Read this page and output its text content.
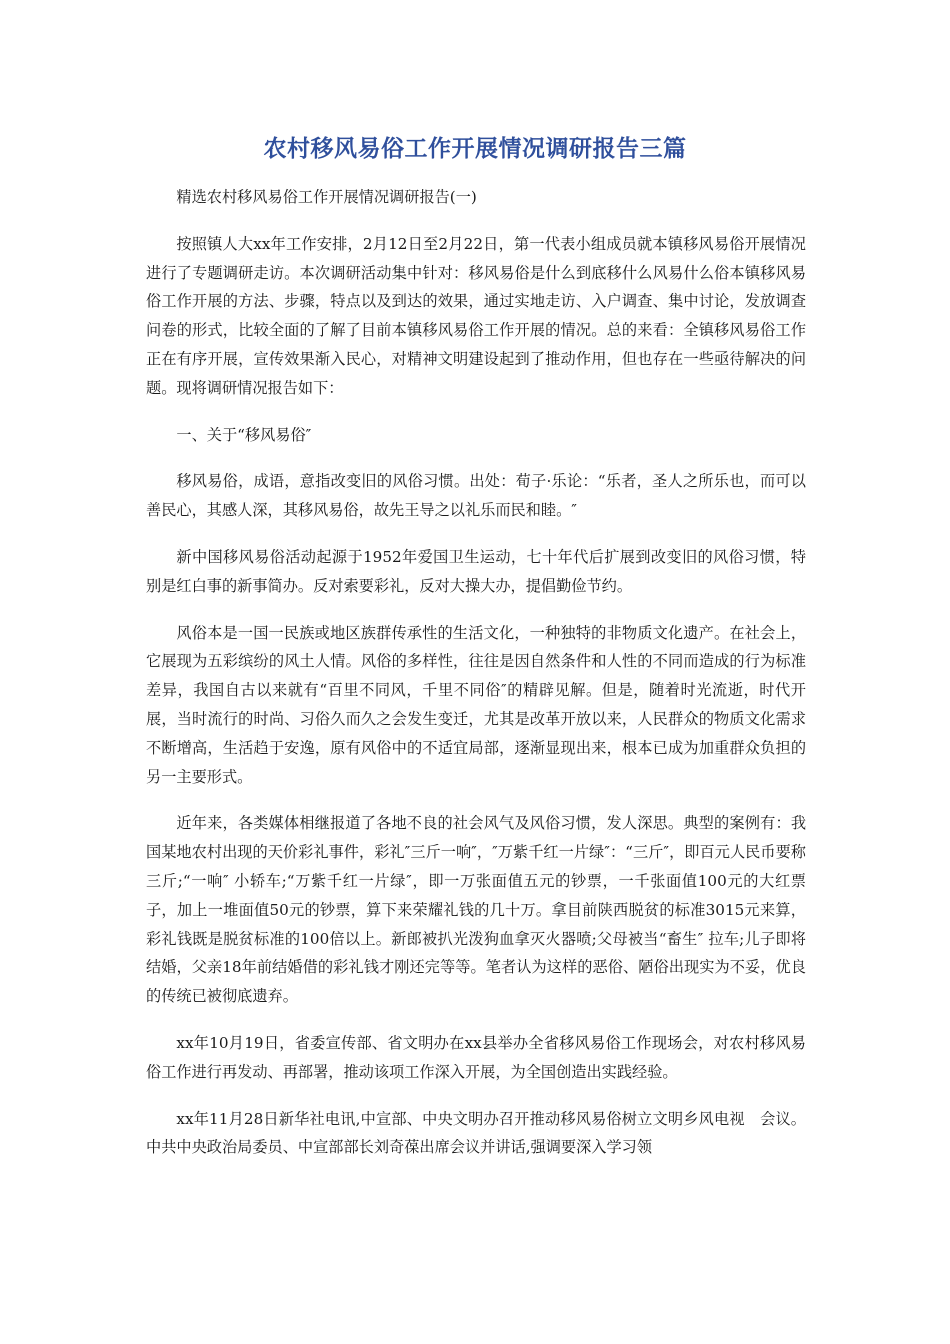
农村移风易俗工作开展情况调研报告三篇

精选农村移风易俗工作开展情况调研报告(一)

按照镇人大xx年工作安排，2月12日至2月22日，第一代表小组成员就本镇移风易俗开展情况进行了专题调研走访。本次调研活动集中针对：移风易俗是什么到底移什么风易什么俗本镇移风易俗工作开展的方法、步骤，特点以及到达的效果，通过实地走访、入户调查、集中讨论，发放调查问卷的形式，比较全面的了解了目前本镇移风易俗工作开展的情况。总的来看：全镇移风易俗工作正在有序开展，宣传效果渐入民心，对精神文明建设起到了推动作用，但也存在一些亟待解决的问题。现将调研情况报告如下：

一、关于“移风易俗″

移风易俗，成语，意指改变旧的风俗习惯。出处：荀子·乐论：“乐者，圣人之所乐也，而可以善民心，其感人深，其移风易俗，故先王导之以礼乐而民和睦。″

新中国移风易俗活动起源于1952年爱国卫生运动，七十年代后扩展到改变旧的风俗习惯，特别是红白事的新事简办。反对索要彩礼，反对大操大办，提倡勤俭节约。

风俗本是一国一民族或地区族群传承性的生活文化，一种独特的非物质文化遗产。在社会上，它展现为五彩缤纷的风土人情。风俗的多样性，往往是因自然条件和人性的不同而造成的行为标准差异，我国自古以来就有“百里不同风，千里不同俗″的精辟见解。但是，随着时光流逝，时代开展，当时流行的时尚、习俗久而久之会发生变迁，尤其是改革开放以来，人民群众的物质文化需求不断增高，生活趋于安逸，原有风俗中的不适宜局部，逐渐显现出来，根本已成为加重群众负担的另一主要形式。

近年来，各类媒体相继报道了各地不良的社会风气及风俗习惯，发人深思。典型的案例有：我国某地农村出现的天价彩礼事件，彩礼″三斤一响″，″万紫千红一片绿″：“三斤″，即百元人民币要称三斤;“一响″ 小轿车;“万紫千红一片绿″，即一万张面值五元的钞票，一千张面值100元的大红票子，加上一堆面值50元的钞票，算下来荣耀礼钱的几十万。拿目前陕西脱贫的标准3015元来算，彩礼钱既是脱贫标准的100倍以上。新郎被扒光泼狗血拿灭火器喷;父母被当“畜生″ 拉车;儿子即将结婚，父亲18年前结婚借的彩礼钱才刚还完等等。笔者认为这样的恶俗、陋俗出现实为不妥，优良的传统已被彻底遗弃。

xx年10月19日，省委宣传部、省文明办在xx县举办全省移风易俗工作现场会，对农村移风易俗工作进行再发动、再部署，推动该项工作深入开展，为全国创造出实践经验。

xx年11月28日新华社电讯,中宣部、中央文明办召开推动移风易俗树立文明乡风电视　会议。中共中央政治局委员、中宣部部长刘奇葆出席会议并讲话,强调要深入学习领
